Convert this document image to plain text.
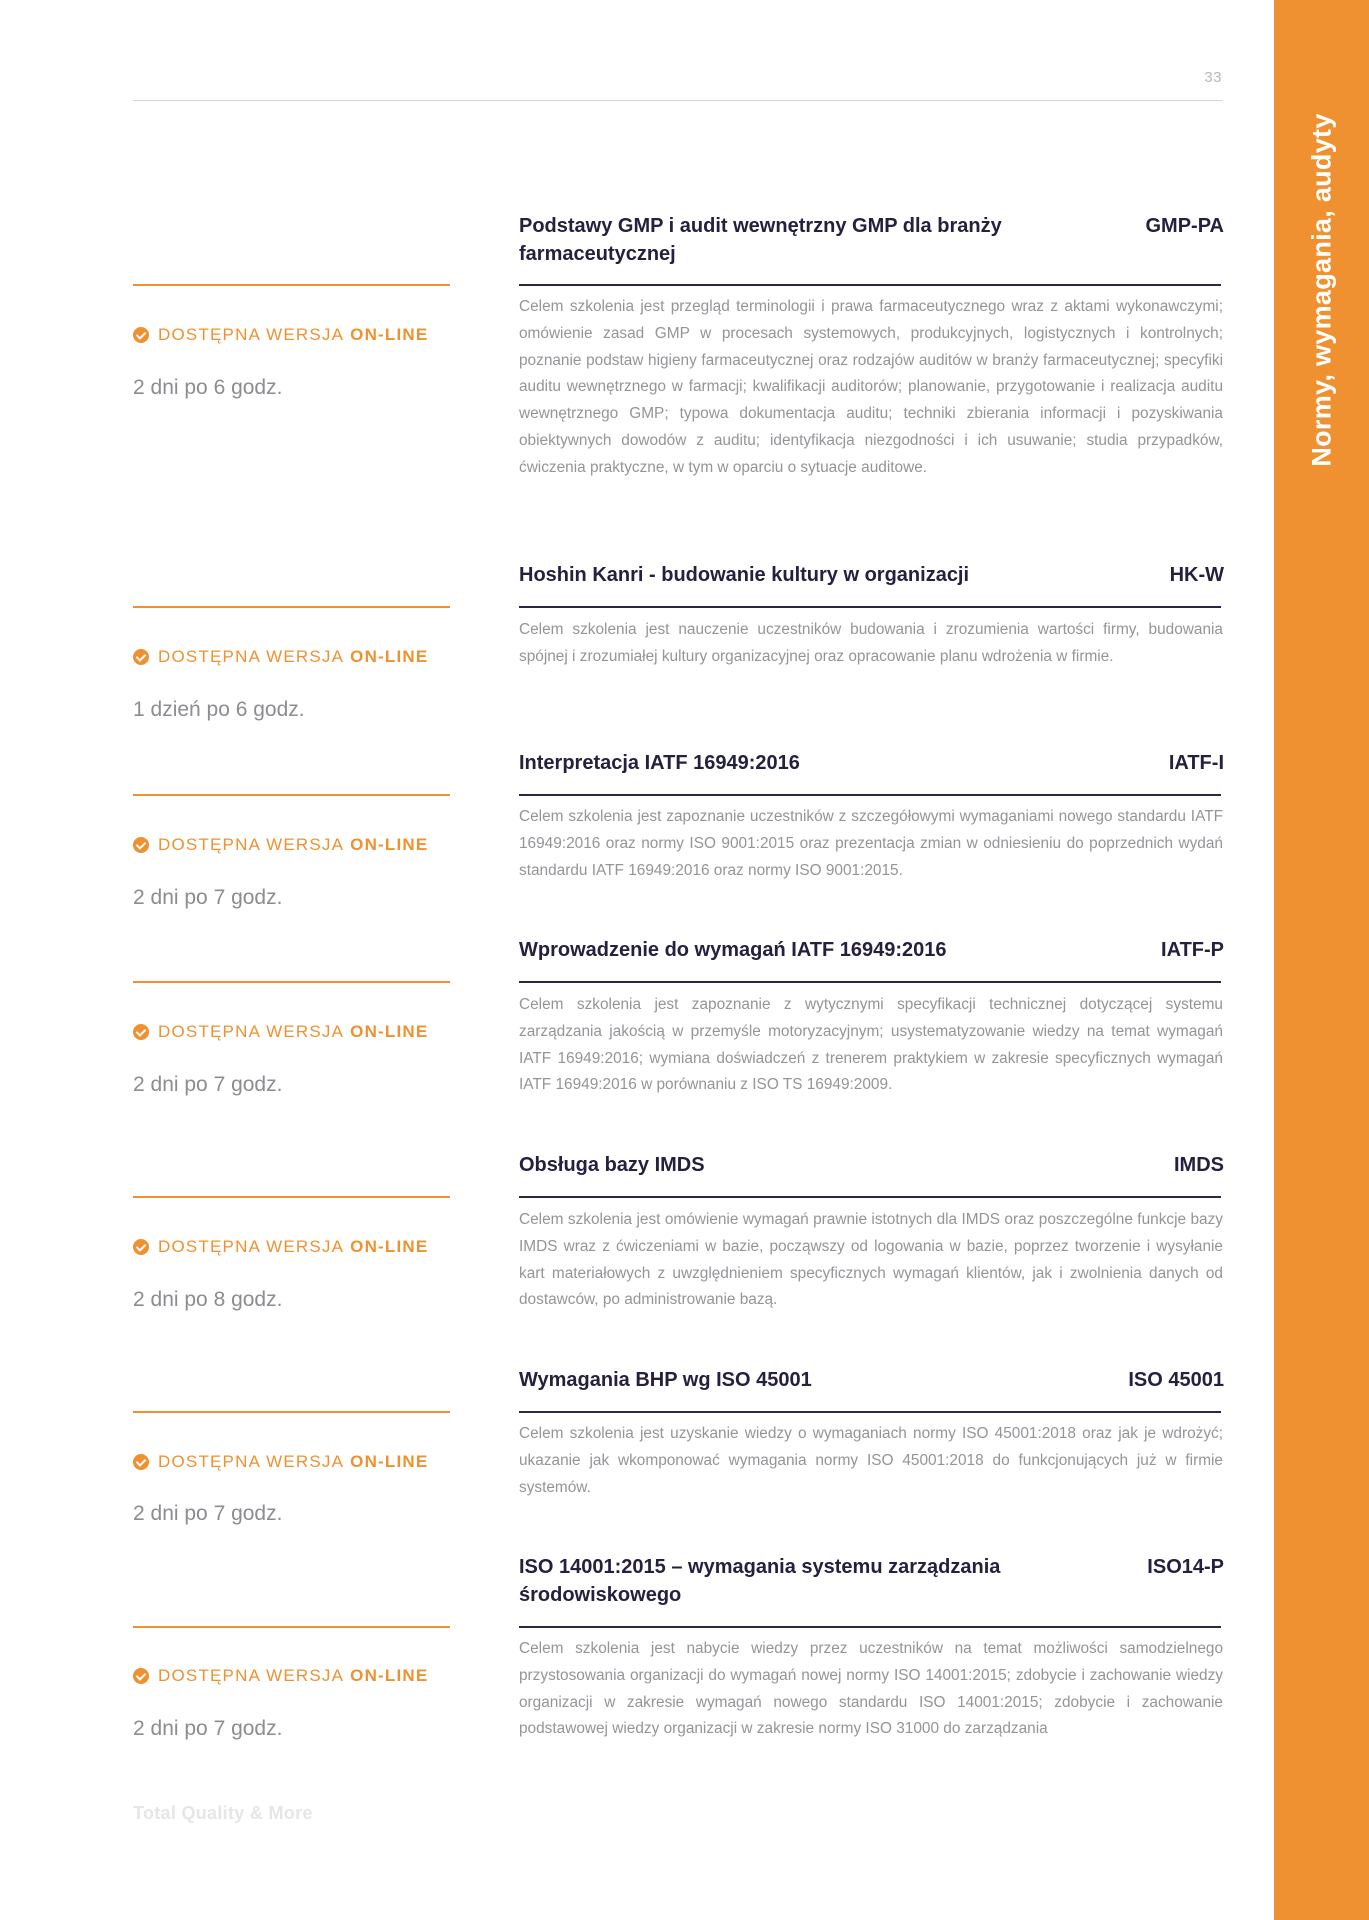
33
Normy, wymagania, audyty
DOSTĘPNA WERSJA ON-LINE
2 dni po 6 godz.
Podstawy GMP i audit wewnętrzny GMP dla branży farmaceutycznej
GMP-PA

Celem szkolenia jest przegląd terminologii i prawa farmaceutycznego wraz z aktami wykonawczymi; omówienie zasad GMP w procesach systemowych, produkcyjnych, logistycznych i kontrolnych; poznanie podstaw higieny farmaceutycznej oraz rodzajów auditów w branży farmaceutycznej; specyfiki auditu wewnętrznego w farmacji; kwalifikacji auditorów; planowanie, przygotowanie i realizacja auditu wewnętrznego GMP; typowa dokumentacja auditu; techniki zbierania informacji i pozyskiwania obiektywnych dowodów z auditu; identyfikacja niezgodności i ich usuwanie; studia przypadków, ćwiczenia praktyczne, w tym w oparciu o sytuacje auditowe.

DOSTĘPNA WERSJA ON-LINE
1 dzień po 6 godz.
Hoshin Kanri - budowanie kultury w organizacji	HK-W

Celem szkolenia jest nauczenie uczestników budowania i zrozumienia wartości firmy, budowania spójnej i zrozumiałej kultury organizacyjnej oraz opracowanie planu wdrożenia w firmie.

DOSTĘPNA WERSJA ON-LINE
2 dni po 7 godz.
Interpretacja IATF 16949:2016	IATF-I

Celem szkolenia jest zapoznanie uczestników z szczegółowymi wymaganiami nowego standardu IATF 16949:2016 oraz normy ISO 9001:2015 oraz prezentacja zmian w odniesieniu do poprzednich wydań standardu IATF 16949:2016 oraz normy ISO 9001:2015.

DOSTĘPNA WERSJA ON-LINE
2 dni po 7 godz.
Wprowadzenie do wymagań IATF 16949:2016	IATF-P

Celem szkolenia jest zapoznanie z wytycznymi specyfikacji technicznej dotyczącej systemu zarządzania jakością w przemyśle motoryzacyjnym; usystematyzowanie wiedzy na temat wymagań IATF 16949:2016; wymiana doświadczeń z trenerem praktykiem w zakresie specyficznych wymagań IATF 16949:2016 w porównaniu z ISO TS 16949:2009.

DOSTĘPNA WERSJA ON-LINE
2 dni po 8 godz.
Obsługa bazy IMDS	IMDS

Celem szkolenia jest omówienie wymagań prawnie istotnych dla IMDS oraz poszczególne funkcje bazy IMDS wraz z ćwiczeniami w bazie, począwszy od logowania w bazie, poprzez tworzenie i wysyłanie kart materiałowych z uwzględnieniem specyficznych wymagań klientów, jak i zwolnienia danych od dostawców, po administrowanie bazą.

DOSTĘPNA WERSJA ON-LINE
2 dni po 7 godz.
Wymagania BHP wg ISO 45001	ISO 45001

Celem szkolenia jest uzyskanie wiedzy o wymaganiach normy ISO 45001:2018 oraz jak je wdrożyć; ukazanie jak wkomponować wymagania normy ISO 45001:2018 do funkcjonujących już w firmie systemów.

DOSTĘPNA WERSJA ON-LINE
2 dni po 7 godz.
ISO 14001:2015 – wymagania systemu zarządzania środowiskowego
ISO14-P

Celem szkolenia jest nabycie wiedzy przez uczestników na temat możliwości samodzielnego przystosowania organizacji do wymagań nowej normy ISO 14001:2015; zdobycie i zachowanie wiedzy organizacji w zakresie wymagań nowego standardu ISO 14001:2015; zdobycie i zachowanie podstawowej wiedzy organizacji w zakresie normy ISO 31000 do zarządzania

Total Quality & More
